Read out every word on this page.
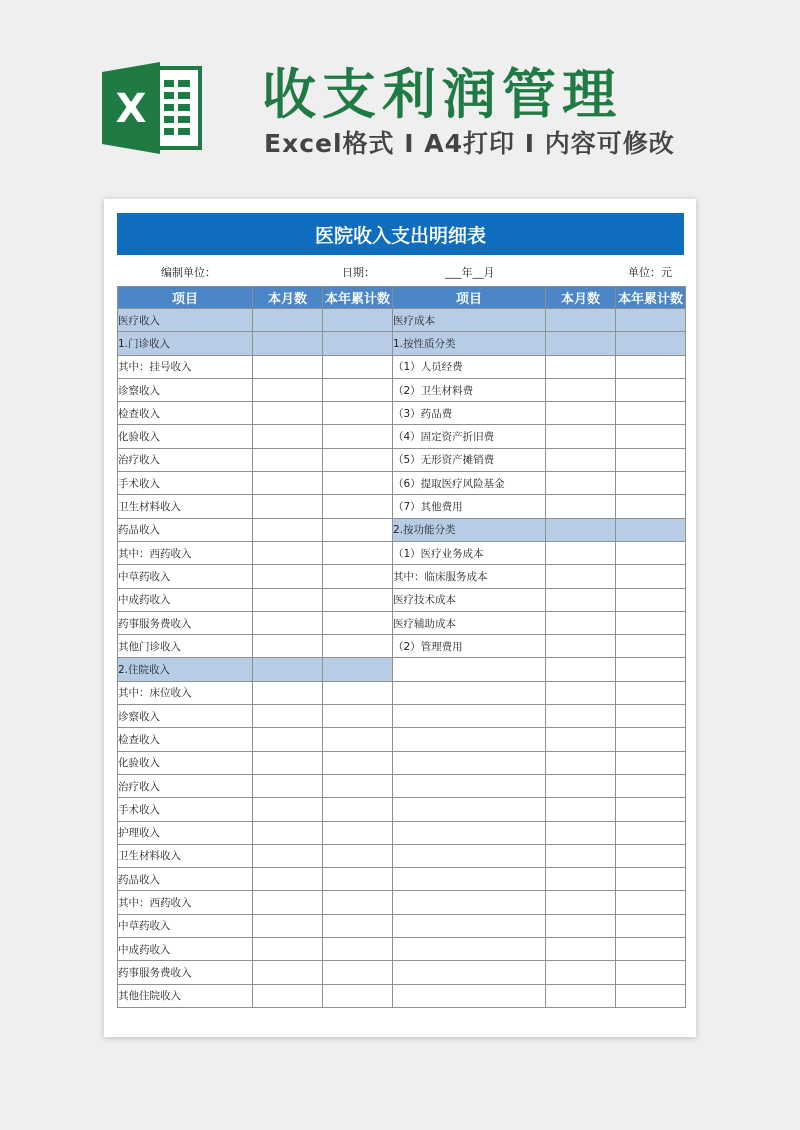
X 收支利润管理
Excel格式 Ⅰ A4打印 Ⅰ 内容可修改
医院收入支出明细表
编制单位：	日期：	___年__月	单位：元
项目	本月数	本年累计数	项目	本月数	本年累计数
医疗收入			医疗成本		
1.门诊收入			1.按性质分类		
其中：挂号收入			（1）人员经费		
诊察收入			（2）卫生材料费		
检查收入			（3）药品费		
化验收入			（4）固定资产折旧费		
治疗收入			（5）无形资产摊销费		
手术收入			（6）提取医疗风险基金		
卫生材料收入			（7）其他费用		
药品收入			2.按功能分类		
其中：西药收入			（1）医疗业务成本		
中草药收入			其中：临床服务成本		
中成药收入			医疗技术成本		
药事服务费收入			医疗辅助成本		
其他门诊收入			（2）管理费用		
2.住院收入					
其中：床位收入					
诊察收入					
检查收入					
化验收入					
治疗收入					
手术收入					
护理收入					
卫生材料收入					
药品收入					
其中：西药收入					
中草药收入					
中成药收入					
药事服务费收入					
其他住院收入					
